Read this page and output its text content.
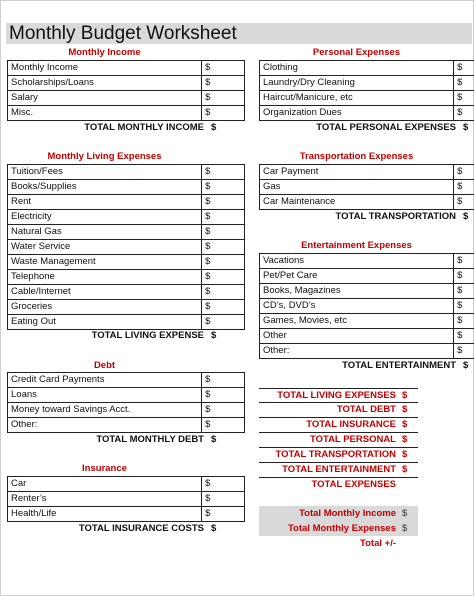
Monthly Budget Worksheet
Monthly Income
Monthly Income	$
Scholarships/Loans	$
Salary	$
Misc.	$
TOTAL MONTHLY INCOME $
Monthly Living Expenses
Tuition/Fees	$
Books/Supplies	$
Rent	$
Electricity	$
Natural Gas	$
Water Service	$
Waste Management	$
Telephone	$
Cable/Internet	$
Groceries	$
Eating Out	$
TOTAL LIVING EXPENSE $
Debt
Credit Card Payments	$
Loans	$
Money toward Savings Acct.	$
Other:	$
TOTAL MONTHLY DEBT $
Insurance
Car	$
Renter’s	$
Health/Life	$
TOTAL INSURANCE COSTS $
Personal Expenses
Clothing	$
Laundry/Dry Cleaning	$
Haircut/Manicure, etc	$
Organization Dues	$
TOTAL PERSONAL EXPENSES $
Transportation Expenses
Car Payment	$
Gas	$
Car Maintenance	$
TOTAL TRANSPORTATION $
Entertainment Expenses
Vacations	$
Pet/Pet Care	$
Books, Magazines	$
CD’s, DVD’s	$
Games, Movies, etc	$
Other	$
Other:	$
TOTAL ENTERTAINMENT $
TOTAL LIVING EXPENSES $
TOTAL DEBT $
TOTAL INSURANCE $
TOTAL PERSONAL $
TOTAL TRANSPORTATION $
TOTAL ENTERTAINMENT $
TOTAL EXPENSES
Total Monthly Income $
Total Monthly Expenses $
Total +/-
